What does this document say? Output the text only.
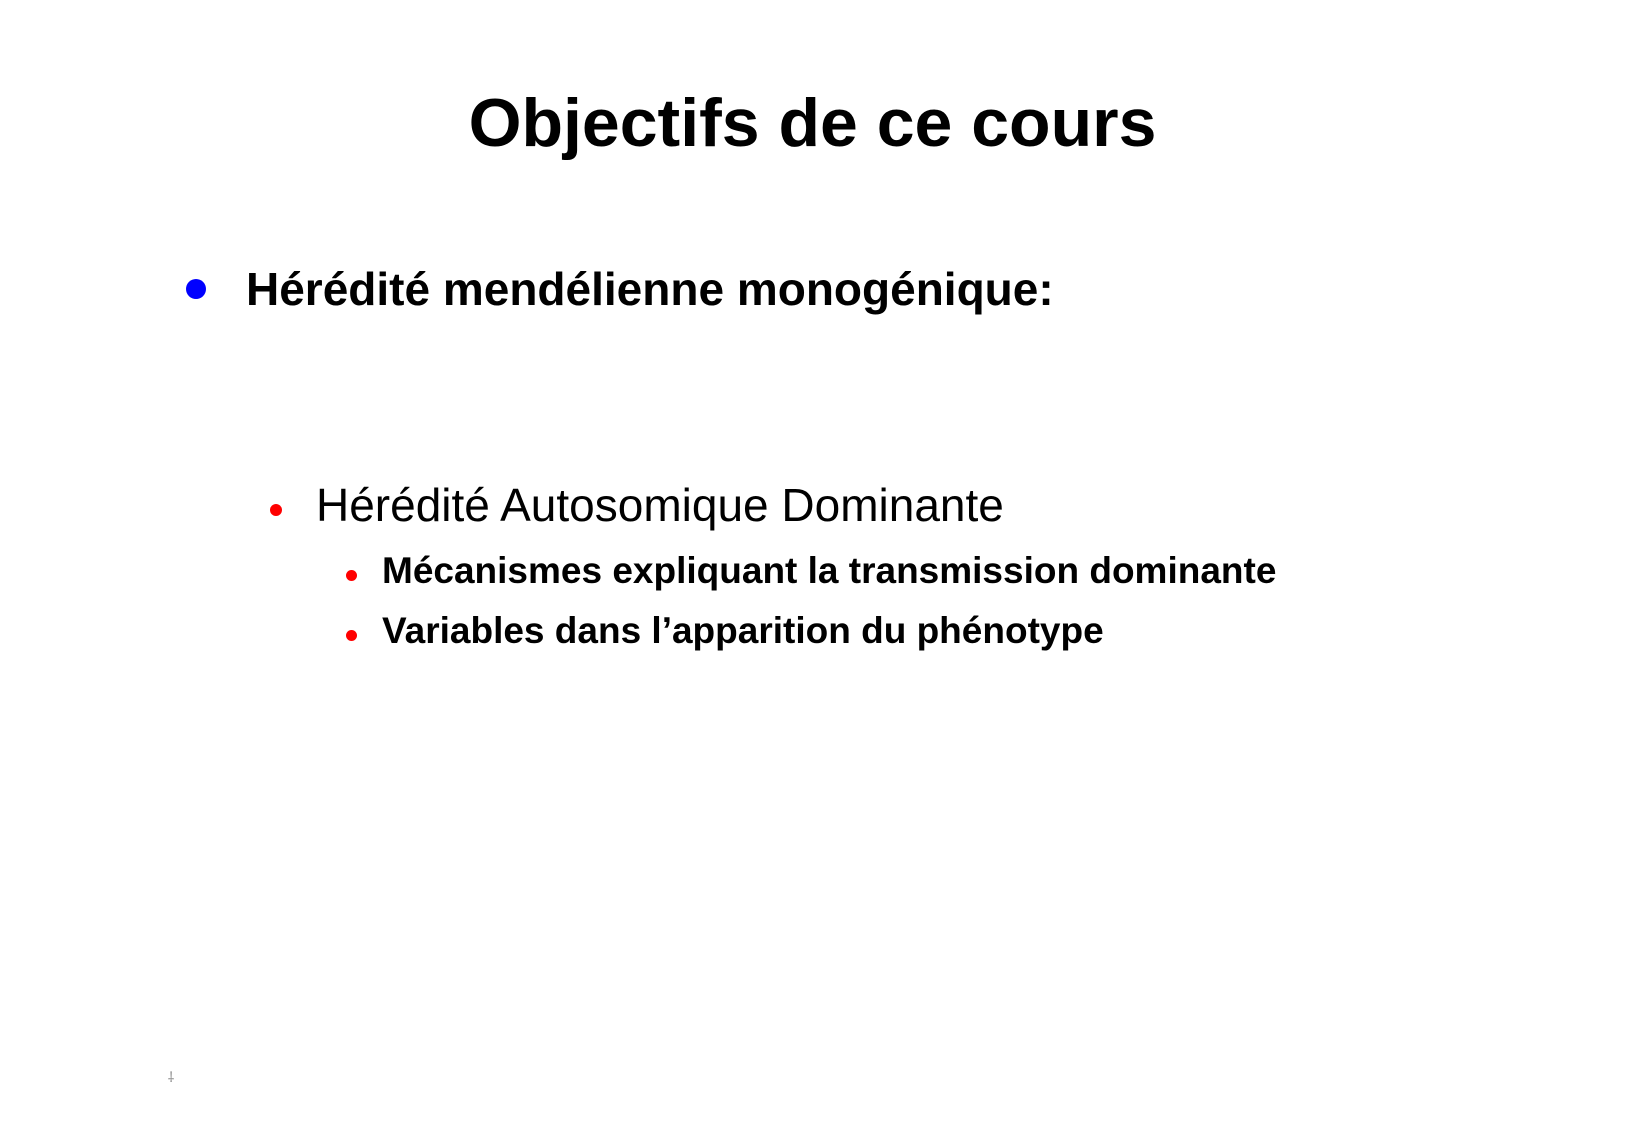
Objectifs de ce cours
Hérédité mendélienne monogénique:
Hérédité Autosomique Dominante
Mécanismes expliquant la transmission dominante
Variables dans l’apparition du phénotype
⸸
